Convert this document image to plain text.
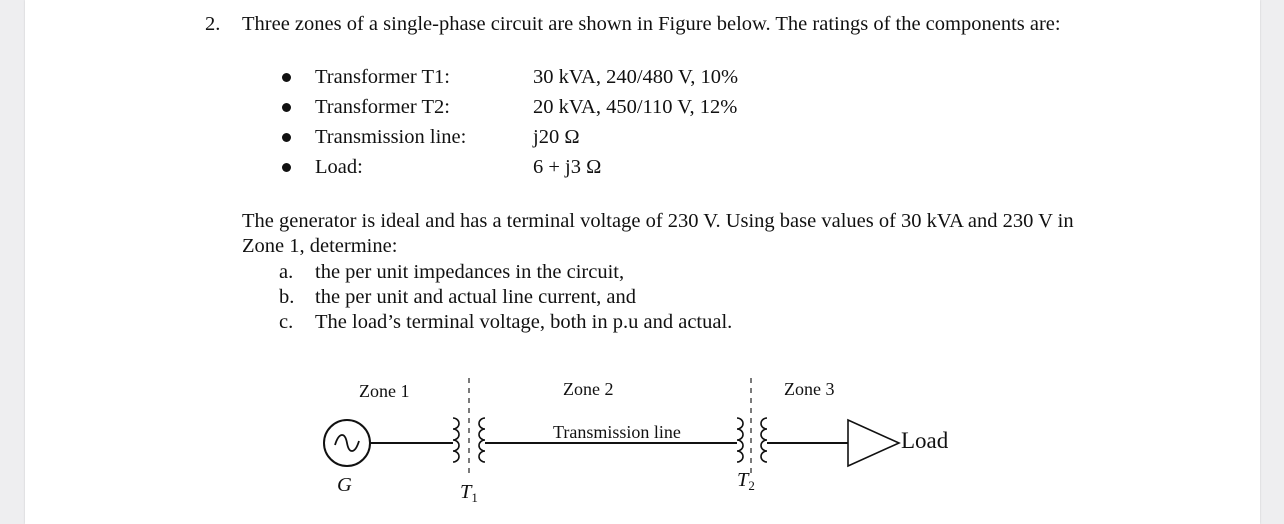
2. Three zones of a single-phase circuit are shown in Figure below. The ratings of the components are:
Transformer T1:	30 kVA, 240/480 V, 10%
Transformer T2:	20 kVA, 450/110 V, 12%
Transmission line:	j20 Ω
Load:	6 + j3 Ω
The generator is ideal and has a terminal voltage of 230 V. Using base values of 30 kVA and 230 V in
Zone 1, determine:
a. the per unit impedances in the circuit,
b. the per unit and actual line current, and
c. The load’s terminal voltage, both in p.u and actual.
Zone 1	Zone 2	Zone 3
Transmission line	Load
G	$T_1$
$T_2$
